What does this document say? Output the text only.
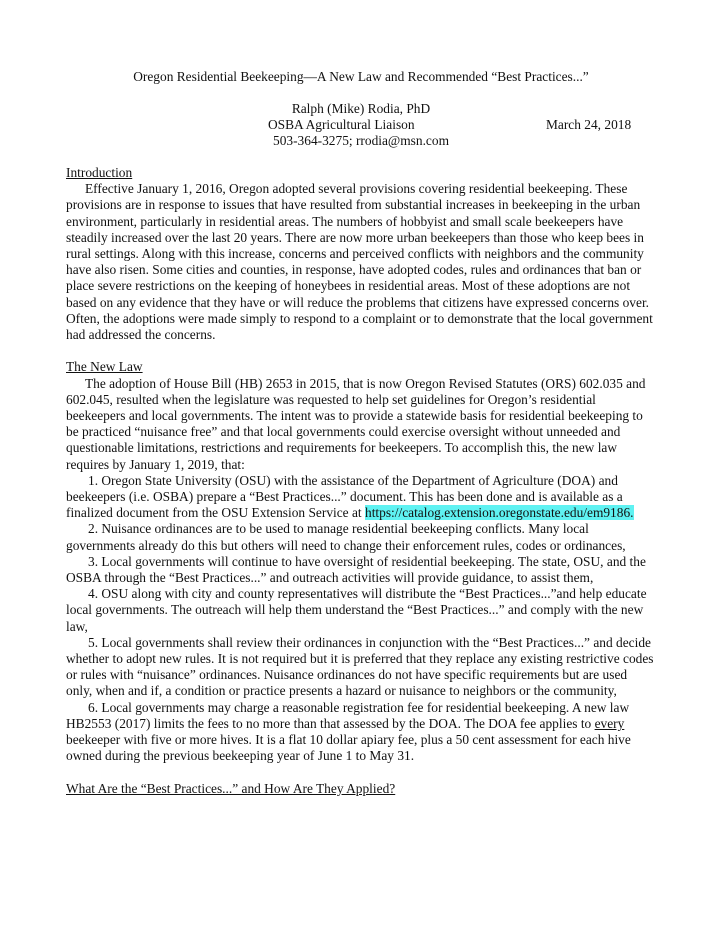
Oregon Residential Beekeeping—A New Law and Recommended “Best Practices...”
Ralph (Mike) Rodia, PhD
OSBA Agricultural Liaison	March 24, 2018
503-364-3275; rrodia@msn.com

Introduction

Effective January 1, 2016, Oregon adopted several provisions covering residential beekeeping. These provisions are in response to issues that have resulted from substantial increases in beekeeping in the urban environment, particularly in residential areas. The numbers of hobbyist and small scale beekeepers have steadily increased over the last 20 years. There are now more urban beekeepers than those who keep bees in rural settings. Along with this increase, concerns and perceived conflicts with neighbors and the community have also risen. Some cities and counties, in response, have adopted codes, rules and ordinances that ban or place severe restrictions on the keeping of honeybees in residential areas. Most of these adoptions are not based on any evidence that they have or will reduce the problems that citizens have expressed concerns over. Often, the adoptions were made simply to respond to a complaint or to demonstrate that the local government had addressed the concerns.

The New Law

The adoption of House Bill (HB) 2653 in 2015, that is now Oregon Revised Statutes (ORS) 602.035 and 602.045, resulted when the legislature was requested to help set guidelines for Oregon’s residential beekeepers and local governments. The intent was to provide a statewide basis for residential beekeeping to be practiced “nuisance free” and that local governments could exercise oversight without unneeded and questionable limitations, restrictions and requirements for beekeepers. To accomplish this, the new law requires by January 1, 2019, that:

1. Oregon State University (OSU) with the assistance of the Department of Agriculture (DOA) and beekeepers (i.e. OSBA) prepare a “Best Practices...” document. This has been done and is available as a finalized document from the OSU Extension Service at https://catalog.extension.oregonstate.edu/em9186.

2. Nuisance ordinances are to be used to manage residential beekeeping conflicts. Many local governments already do this but others will need to change their enforcement rules, codes or ordinances,

3. Local governments will continue to have oversight of residential beekeeping. The state, OSU, and the OSBA through the “Best Practices...” and outreach activities will provide guidance, to assist them,

4. OSU along with city and county representatives will distribute the “Best Practices...”and help educate local governments. The outreach will help them understand the “Best Practices...” and comply with the new law,

5. Local governments shall review their ordinances in conjunction with the “Best Practices...” and decide whether to adopt new rules. It is not required but it is preferred that they replace any existing restrictive codes or rules with “nuisance” ordinances. Nuisance ordinances do not have specific requirements but are used only, when and if, a condition or practice presents a hazard or nuisance to neighbors or the community,

6. Local governments may charge a reasonable registration fee for residential beekeeping. A new law HB2553 (2017) limits the fees to no more than that assessed by the DOA. The DOA fee applies to every beekeeper with five or more hives. It is a flat 10 dollar apiary fee, plus a 50 cent assessment for each hive owned during the previous beekeeping year of June 1 to May 31.

What Are the “Best Practices...” and How Are They Applied?
